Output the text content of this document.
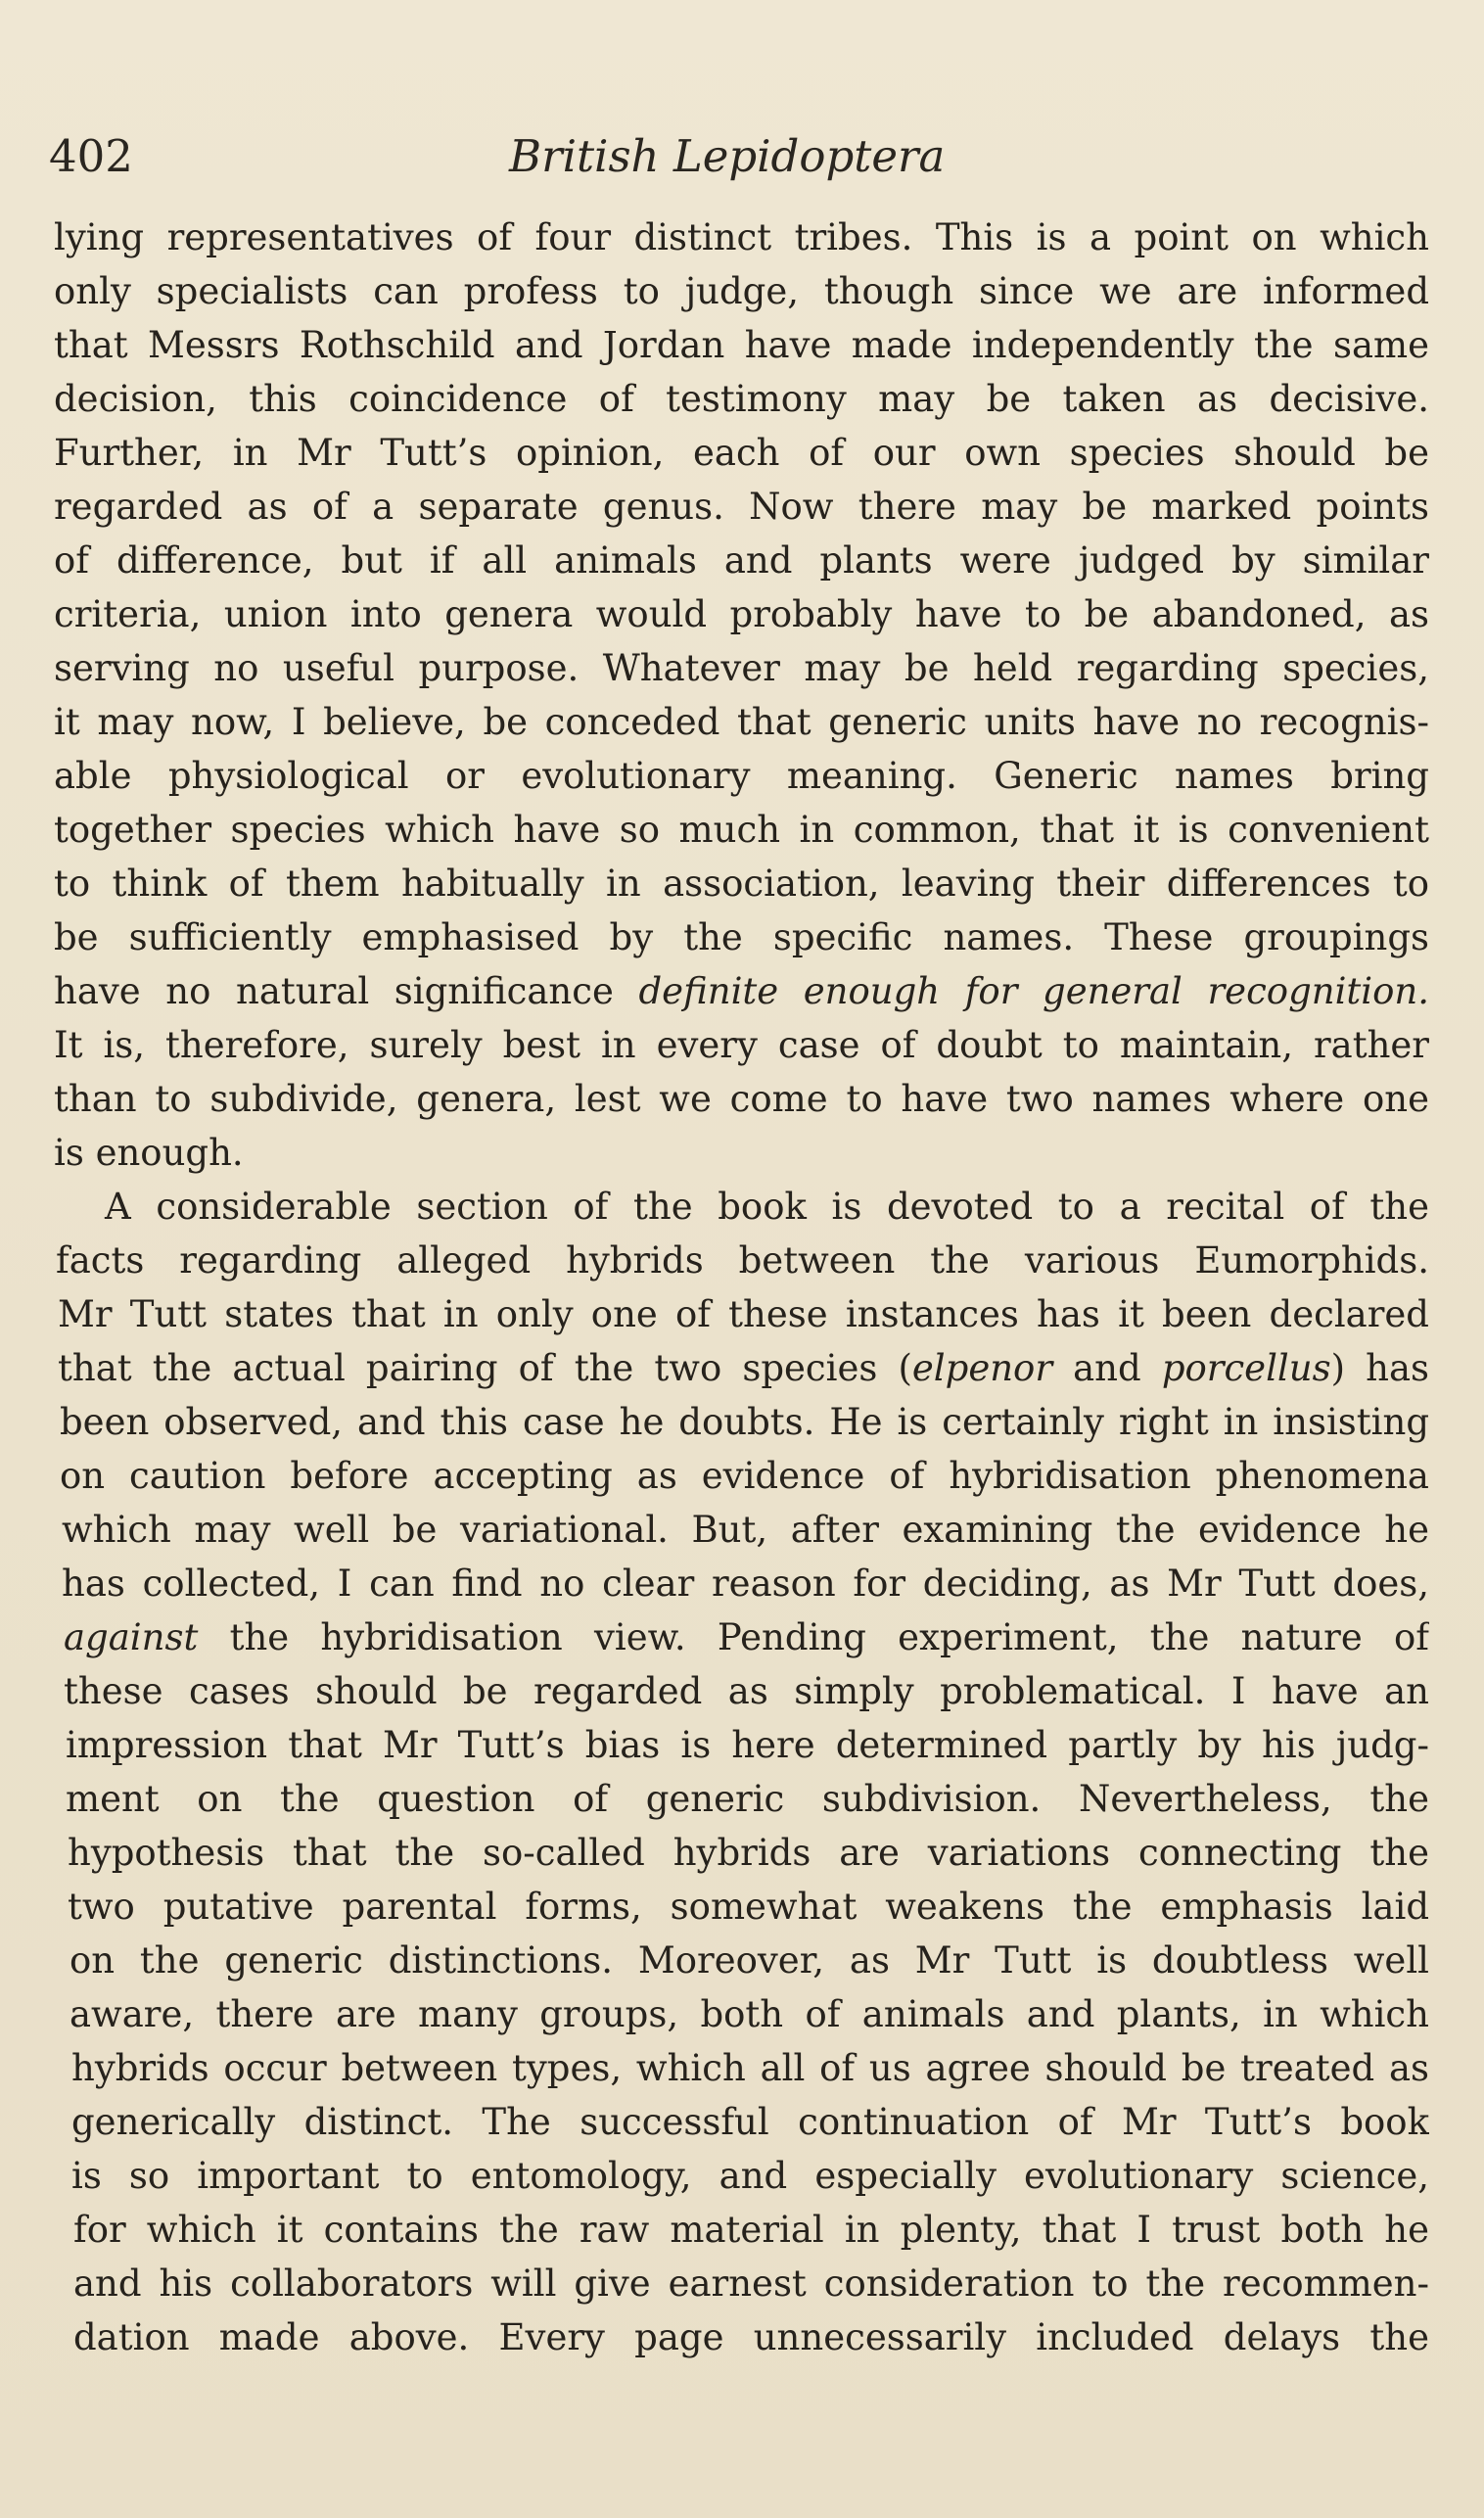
402	British Lepidoptera
lying representatives of four distinct tribes. This is a point on which
only specialists can profess to judge, though since we are informed
that Messrs Rothschild and Jordan have made independently the same
decision, this coincidence of testimony may be taken as decisive.
Further, in Mr Tutt’s opinion, each of our own species should be
regarded as of a separate genus. Now there may be marked points
of difference, but if all animals and plants were judged by similar
criteria, union into genera would probably have to be abandoned, as
serving no useful purpose. Whatever may be held regarding species,
it may now, I believe, be conceded that generic units have no recognis-
able physiological or evolutionary meaning. Generic names bring
together species which have so much in common, that it is convenient
to think of them habitually in association, leaving their differences to
be sufficiently emphasised by the specific names. These groupings
have no natural significance definite enough for general recognition.
It is, therefore, surely best in every case of doubt to maintain, rather
than to subdivide, genera, lest we come to have two names where one
is enough.
A considerable section of the book is devoted to a recital of the
facts regarding alleged hybrids between the various Eumorphids.
Mr Tutt states that in only one of these instances has it been declared
that the actual pairing of the two species (elpenor and porcellus) has
been observed, and this case he doubts. He is certainly right in insisting
on caution before accepting as evidence of hybridisation phenomena
which may well be variational. But, after examining the evidence he
has collected, I can find no clear reason for deciding, as Mr Tutt does,
against the hybridisation view. Pending experiment, the nature of
these cases should be regarded as simply problematical. I have an
impression that Mr Tutt’s bias is here determined partly by his judg-
ment on the question of generic subdivision. Nevertheless, the
hypothesis that the so-called hybrids are variations connecting the
two putative parental forms, somewhat weakens the emphasis laid
on the generic distinctions. Moreover, as Mr Tutt is doubtless well
aware, there are many groups, both of animals and plants, in which
hybrids occur between types, which all of us agree should be treated as
generically distinct. The successful continuation of Mr Tutt’s book
is so important to entomology, and especially evolutionary science,
for which it contains the raw material in plenty, that I trust both he
and his collaborators will give earnest consideration to the recommen-
dation made above. Every page unnecessarily included delays the
